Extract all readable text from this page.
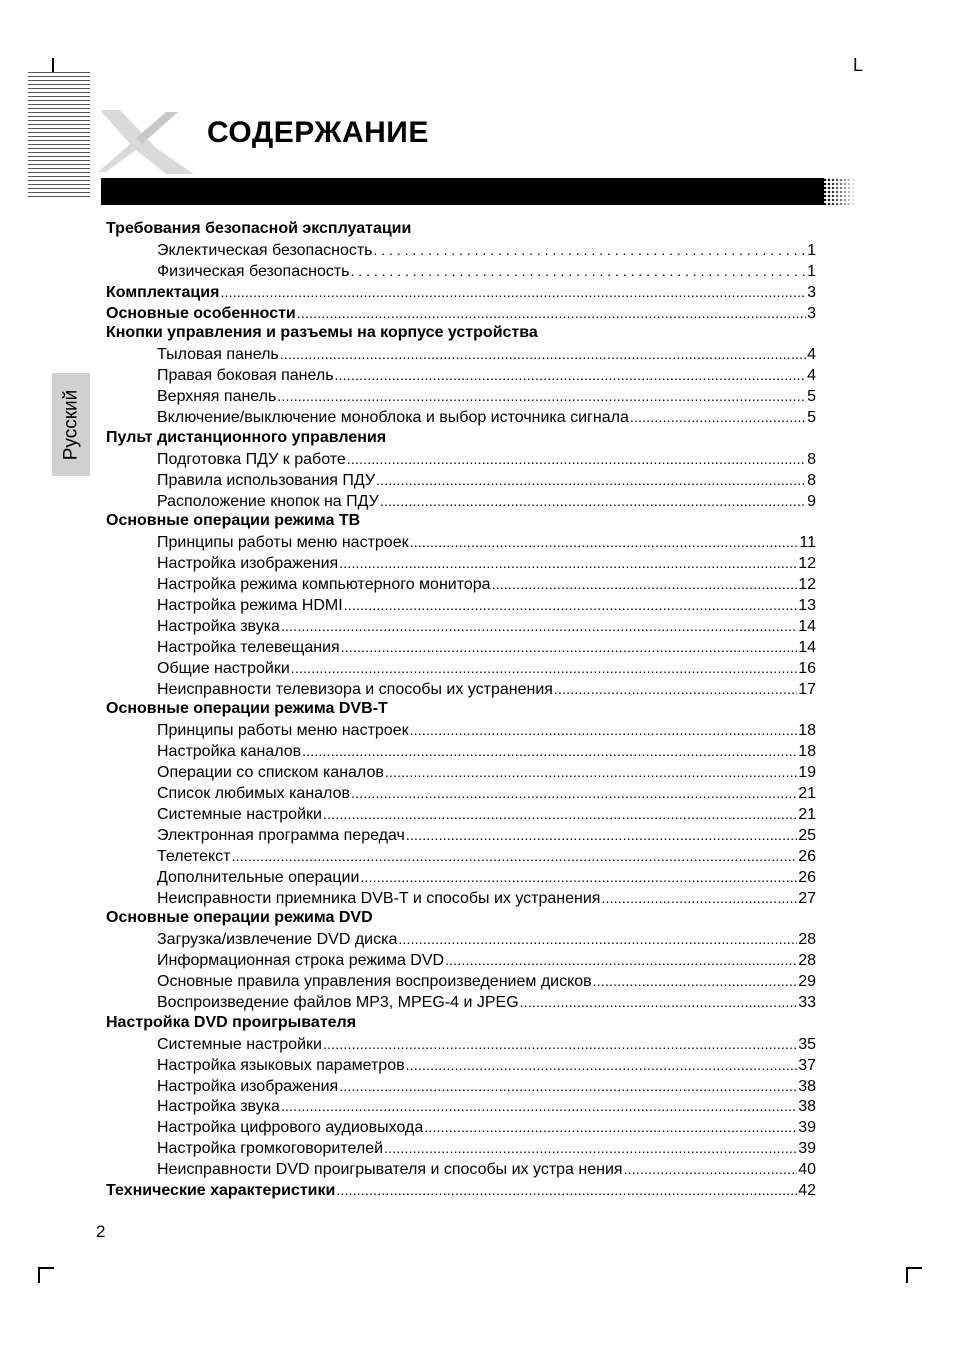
L
Русский
СОДЕРЖАНИЕ
Требования безопасной эксплуатации
Эклектическая безопасность . . .	1
Физическая безопасность . . .	1
Комплектация .....	3
Основные особенности .....	3
Кнопки управления и разъемы на корпусе устройства
Тыловая панель .....	4
Правая боковая панель .....	4
Верхняя панель .....	5
Включение/выключение моноблока и выбор источника сигнала .....	5
Пульт дистанционного управления
Подготовка ПДУ к работе .....	8
Правила использования ПДУ .....	8
Расположение кнопок на ПДУ .....	9
Основные операции режима ТВ
Принципы работы меню настроек .....	11
Настройка изображения .....	12
Настройка режима компьютерного монитора .....	12
Настройка режима HDMI .....	13
Настройка звука .....	14
Настройка телевещания .....	14
Общие настройки .....	16
Неисправности телевизора и способы их устранения .....	17
Основные операции режима DVB-T
Принципы работы меню настроек .....	18
Настройка каналов .....	18
Операции со списком каналов .....	19
Список любимых каналов .....	21
Системные настройки .....	21
Электронная программа передач .....	25
Телетекст .....	26
Дополнительные операции .....	26
Неисправности приемника DVB-T и способы их устранения .....	27
Основные операции режима DVD
Загрузка/извлечение DVD диска .....	28
Информационная строка режима DVD .....	28
Основные правила управления воспроизведением дисков .....	29
Воспроизведение файлов MP3, MPEG-4 и JPEG .....	33
Настройка DVD проигрывателя
Системные настройки .....	35
Настройка языковых параметров .....	37
Настройка изображения .....	38
Настройка звука .....	38
Настройка цифрового аудиовыхода .....	39
Настройка громкоговорителей .....	39
Неисправности DVD проигрывателя и способы их устра нения .....	40
Технические характеристики .....	42
2
